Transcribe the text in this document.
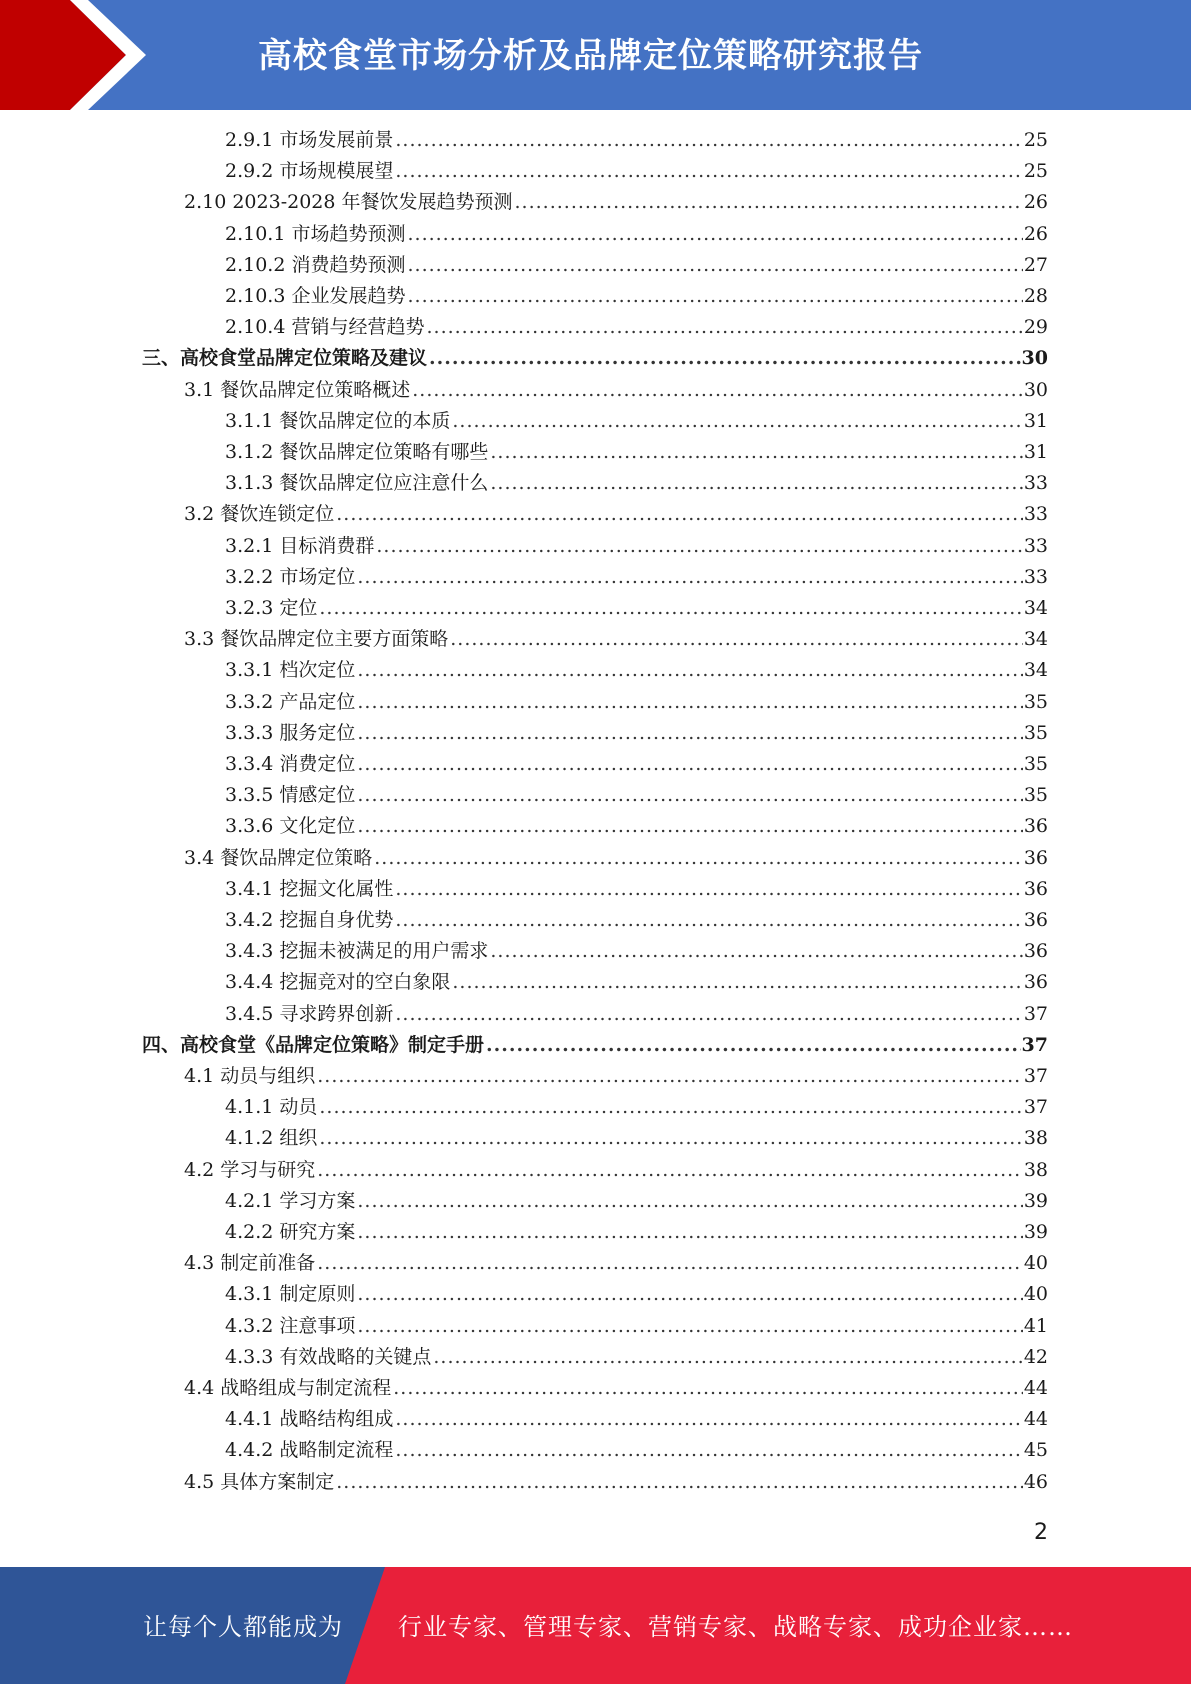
高校食堂市场分析及品牌定位策略研究报告
2.9.1 市场发展前景 .....	25
2.9.2 市场规模展望 .....	25
2.10 2023-2028 年餐饮发展趋势预测 .....	26
2.10.1 市场趋势预测 .....	26
2.10.2 消费趋势预测 .....	27
2.10.3 企业发展趋势 .....	28
2.10.4 营销与经营趋势 .....	29
三、高校食堂品牌定位策略及建议 .....	30
3.1 餐饮品牌定位策略概述 .....	30
3.1.1 餐饮品牌定位的本质 .....	31
3.1.2 餐饮品牌定位策略有哪些 .....	31
3.1.3 餐饮品牌定位应注意什么 .....	33
3.2 餐饮连锁定位 .....	33
3.2.1 目标消费群 .....	33
3.2.2 市场定位 .....	33
3.2.3 定位 .....	34
3.3 餐饮品牌定位主要方面策略 .....	34
3.3.1 档次定位 .....	34
3.3.2 产品定位 .....	35
3.3.3 服务定位 .....	35
3.3.4 消费定位 .....	35
3.3.5 情感定位 .....	35
3.3.6 文化定位 .....	36
3.4 餐饮品牌定位策略 .....	36
3.4.1 挖掘文化属性 .....	36
3.4.2 挖掘自身优势 .....	36
3.4.3 挖掘未被满足的用户需求 .....	36
3.4.4 挖掘竞对的空白象限 .....	36
3.4.5 寻求跨界创新 .....	37
四、高校食堂《品牌定位策略》制定手册 .....	37
4.1 动员与组织 .....	37
4.1.1 动员 .....	37
4.1.2 组织 .....	38
4.2 学习与研究 .....	38
4.2.1 学习方案 .....	39
4.2.2 研究方案 .....	39
4.3 制定前准备 .....	40
4.3.1 制定原则 .....	40
4.3.2 注意事项 .....	41
4.3.3 有效战略的关键点 .....	42
4.4 战略组成与制定流程 .....	44
4.4.1 战略结构组成 .....	44
4.4.2 战略制定流程 .....	45
4.5 具体方案制定 .....	46
2
让每个人都能成为 行业专家、管理专家、营销专家、战略专家、成功企业家……
